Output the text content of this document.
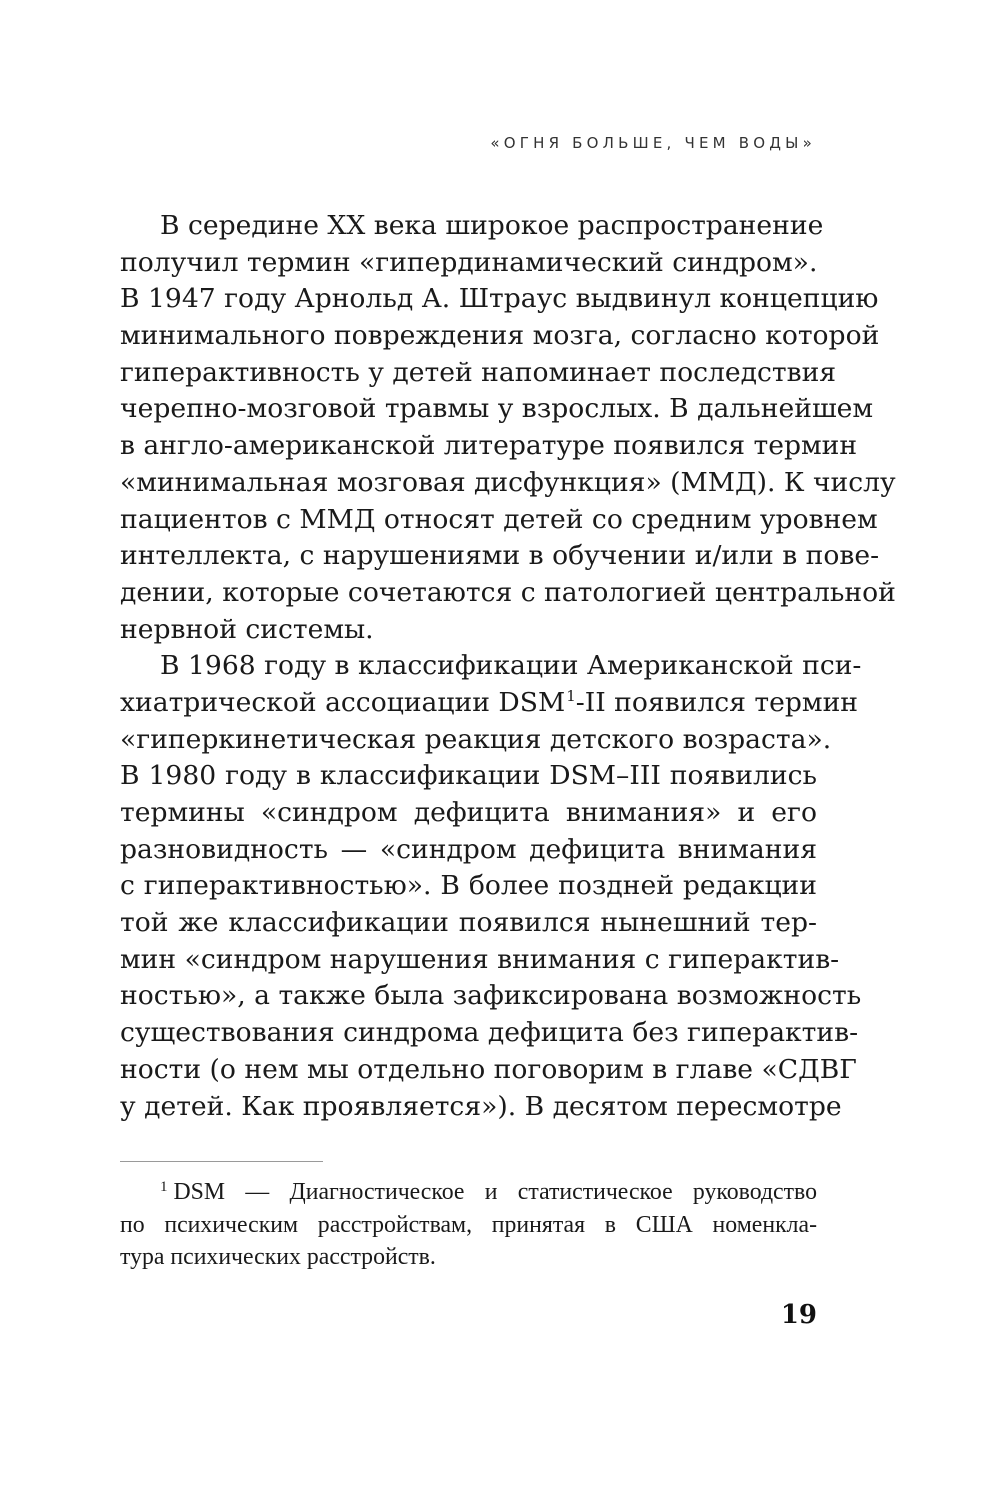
«ОГНЯ БОЛЬШЕ, ЧЕМ ВОДЫ»
В середине XX века широкое распространение
получил термин «гипердинамический синдром».
В 1947 году Арнольд А. Штраус выдвинул концепцию
минимального повреждения мозга, согласно которой
гиперактивность у детей напоминает последствия
черепно-мозговой травмы у взрослых. В дальнейшем
в англо-американской литературе появился термин
«минимальная мозговая дисфункция» (ММД). К числу
пациентов с ММД относят детей со средним уровнем
интеллекта, с нарушениями в обучении и/или в пове-
дении, которые сочетаются с патологией центральной
нервной системы.
В 1968 году в классификации Американской пси-
хиатрической ассоциации DSM$^1$-II появился термин
«гиперкинетическая реакция детского возраста».
В 1980 году в классификации DSM–III появились
термины «синдром дефицита внимания» и его
разновидность — «синдром дефицита внимания
с гиперактивностью». В более поздней редакции
той же классификации появился нынешний тер-
мин «синдром нарушения внимания с гиперактив-
ностью», а также была зафиксирована возможность
существования синдрома дефицита без гиперактив-
ности (о нем мы отдельно поговорим в главе «СДВГ
у детей. Как проявляется»). В десятом пересмотре
$^1$ DSM — Диагностическое и статистическое руководство
по психическим расстройствам, принятая в США номенкла-
тура психических расстройств.
19
